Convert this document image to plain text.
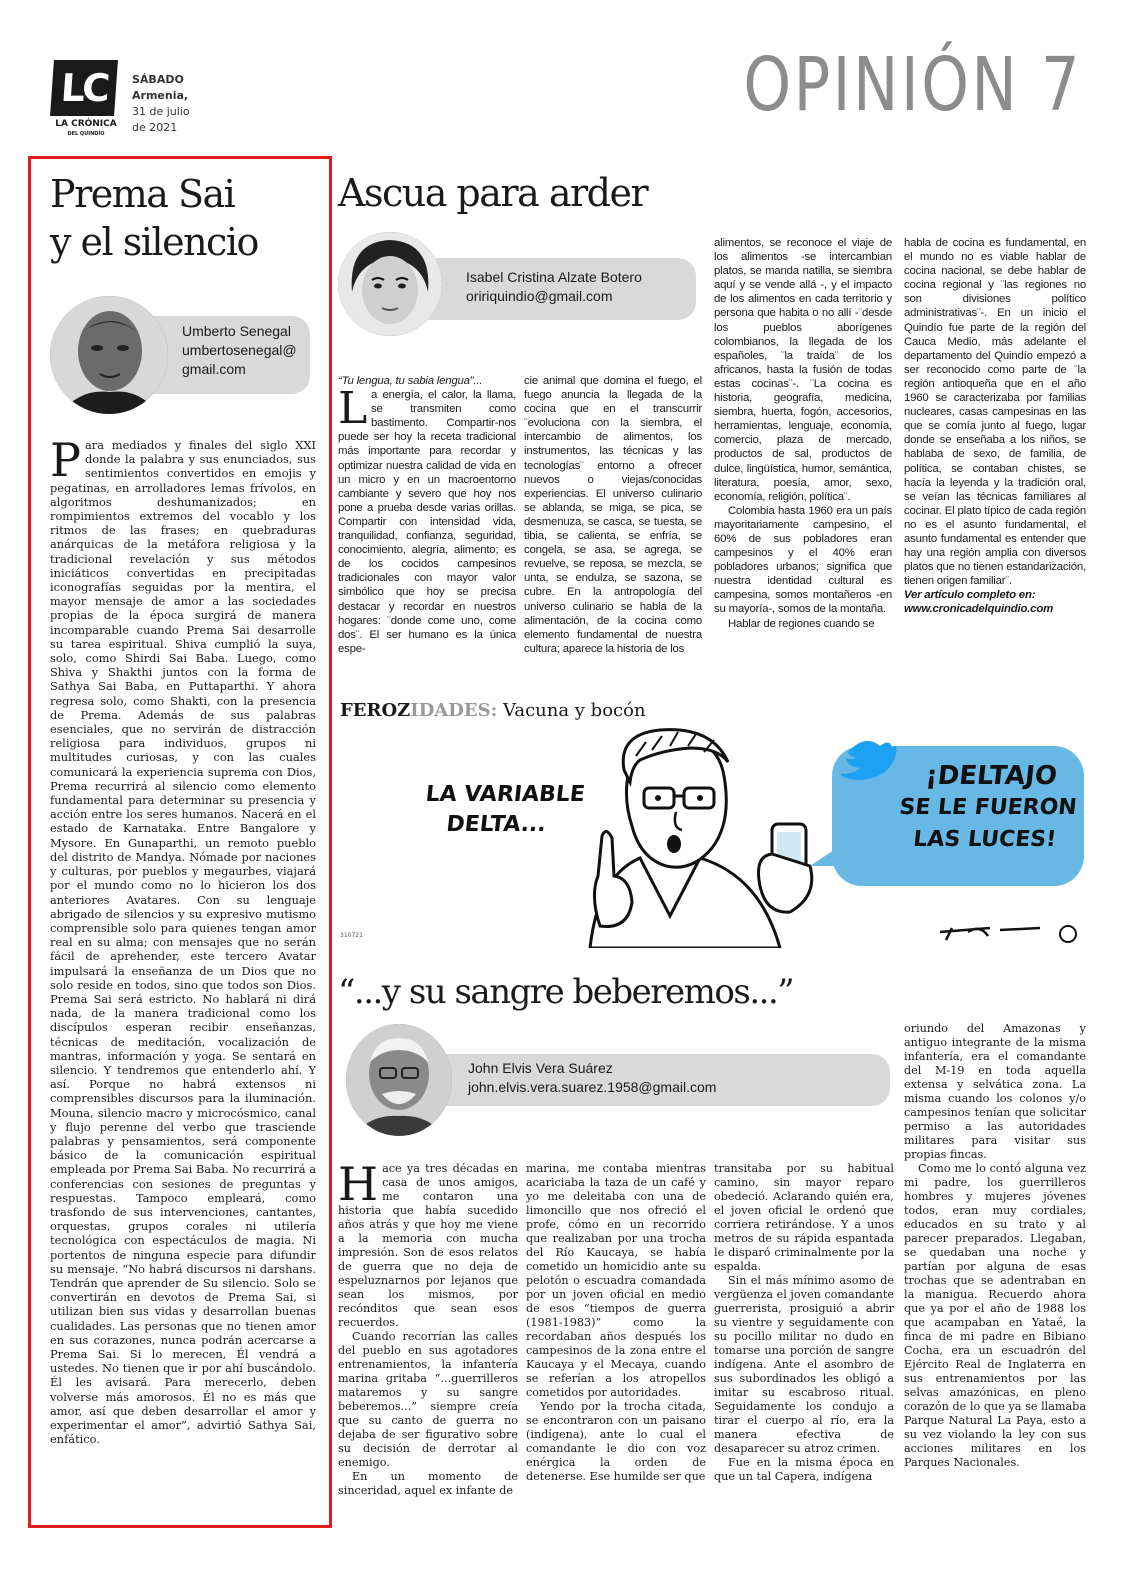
LC
LA CRÓNICA
DEL QUINDÍO
SÁBADO
Armenia,
31 de julio
de 2021	OPINIÓN 7
Prema Sai
y el silencio
Umberto Senegal
umbertosenegal@
gmail.com
Para mediados y finales del siglo XXI donde la palabra y sus enunciados, sus sentimientos convertidos en emojis y pegatinas, en arrolladores lemas frívolos, en algoritmos deshumanizados; en rompimientos extremos del vocablo y los ritmos de las frases; en quebraduras anárquicas de la metáfora religiosa y la tradicional revelación y sus métodos iniciáticos convertidas en precipitadas iconografías seguidas por la mentira, el mayor mensaje de amor a las sociedades propias de la época surgirá de manera incomparable cuando Prema Sai desarrolle su tarea espiritual. Shiva cumplió la suya, solo, como Shirdi Sai Baba. Luego, como Shiva y Shakthi juntos con la forma de Sathya Sai Baba, en Puttaparthi. Y ahora regresa solo, como Shakti, con la presencia de Prema. Además de sus palabras esenciales, que no servirán de distracción religiosa para individuos, grupos ni multitudes curiosas, y con las cuales comunicará la experiencia suprema con Dios, Prema recurrirá al silencio como elemento fundamental para determinar su presencia y acción entre los seres humanos. Nacerá en el estado de Karnataka. Entre Bangalore y Mysore. En Gunaparthi, un remoto pueblo del distrito de Mandya. Nómade por naciones y culturas, por pueblos y megaurbes, viajará por el mundo como no lo hicieron los dos anteriores Avatares. Con su lenguaje abrigado de silencios y su expresivo mutismo comprensible solo para quienes tengan amor real en su alma; con mensajes que no serán fácil de aprehender, este tercero Avatar impulsará la enseñanza de un Dios que no solo reside en todos, sino que todos son Dios. Prema Sai será estricto. No hablará ni dirá nada, de la manera tradicional como los discípulos esperan recibir enseñanzas, técnicas de meditación, vocalización de mantras, información y yoga. Se sentará en silencio. Y tendremos que entenderlo ahí. Y así. Porque no habrá extensos ni comprensibles discursos para la iluminación. Mouna, silencio macro y microcósmico, canal y flujo perenne del verbo que trasciende palabras y pensamientos, será componente básico de la comunicación espiritual empleada por Prema Sai Baba. No recurrirá a conferencias con sesiones de preguntas y respuestas. Tampoco empleará, como trasfondo de sus intervenciones, cantantes, orquestas, grupos corales ni utilería tecnológica con espectáculos de magia. Ni portentos de ninguna especie para difundir su mensaje. “No habrá discursos ni darshans. Tendrán que aprender de Su silencio. Solo se convertirán en devotos de Prema Sai, si utilizan bien sus vidas y desarrollan buenas cualidades. Las personas que no tienen amor en sus corazones, nunca podrán acercarse a Prema Sai. Si lo merecen, Él vendrá a ustedes. No tienen que ir por ahí buscándolo. Él les avisará. Para merecerlo, deben volverse más amorosos. Él no es más que amor, así que deben desarrollar el amor y experimentar el amor”, advirtió Sathya Sai, enfático.
Ascua para arder
Isabel Cristina Alzate Botero
oririquindio@gmail.com
“Tu lengua, tu sabia lengua”...
L a energía, el calor, la llama, se transmiten como bastimento. Compartir-nos puede ser hoy la receta tradicional más importante para recordar y optimizar nuestra calidad de vida en un micro y en un macroentorno cambiante y severo que hoy nos pone a prueba desde varias orillas. Compartir con intensidad vida, tranquilidad, confianza, seguridad, conocimiento, alegría, alimento; es de los cocidos campesinos tradicionales con mayor valor simbólico que hoy se precisa destacar y recordar en nuestros hogares: ¨donde come uno, come dos¨. El ser humano es la única espe-
cie animal que domina el fuego, el fuego anuncia la llegada de la cocina que en el transcurrir ¨evoluciona con la siembra, el intercambio de alimentos, los instrumentos, las técnicas y las tecnologías¨ entorno a ofrecer nuevos o viejas/conocidas experiencias. El universo culinario se ablanda, se miga, se pica, se desmenuza, se casca, se tuesta, se tibia, se calienta, se enfría, se congela, se asa, se agrega, se revuelve, se reposa, se mezcla, se unta, se endulza, se sazona, se cubre. En la antropología del universo culinario se habla de la alimentación, de la cocina como elemento fundamental de nuestra cultura; aparece la historia de los
alimentos, se reconoce el viaje de los alimentos -se intercambian platos, se manda natilla, se siembra aquí y se vende allá -, y el impacto de los alimentos en cada territorio y persona que habita o no allí -¨desde los pueblos aborígenes colombianos, la llegada de los españoles, ¨la traída¨ de los africanos, hasta la fusión de todas estas cocinas¨-. ¨La cocina es historia, geografía, medicina, siembra, huerta, fogón, accesorios, herramientas, lenguaje, economía, comercio, plaza de mercado, productos de sal, productos de dulce, lingüística, humor, semántica, literatura, poesía, amor, sexo, economía, religión, política¨.
Colombia hasta 1960 era un país mayoritariamente campesino, el 60% de sus pobladores eran campesinos y el 40% eran pobladores urbanos; significa que nuestra identidad cultural es campesina, somos montañeros -en su mayoría-, somos de la montaña.
Hablar de regiones cuando se
habla de cocina es fundamental, en el mundo no es viable hablar de cocina nacional, se debe hablar de cocina regional y ¨las regiones no son divisiones político administrativas¨-. En un inicio el Quindío fue parte de la región del Cauca Medio, más adelante el departamento del Quindío empezó a ser reconocido como parte de ¨la región antioqueña que en el año 1960 se caracterizaba por familias nucleares, casas campesinas en las que se comía junto al fuego, lugar donde se enseñaba a los niños, se hablaba de sexo, de familia, de política, se contaban chistes, se hacía la leyenda y la tradición oral, se veían las técnicas familiares al cocinar. El plato típico de cada región no es el asunto fundamental, el asunto fundamental es entender que hay una región amplia con diversos platos que no tienen estandarización, tienen origen familiar¨.
Ver artículo completo en:
www.cronicadelquindio.com
FEROZIDADES: Vacuna y bocón
LA VARIABLE
DELTA...
¡DELTAJO
SE LE FUERON
LAS LUCES!
310721
“...y su sangre beberemos...”
John Elvis Vera Suárez
john.elvis.vera.suarez.1958@gmail.com
Hace ya tres décadas en casa de unos amigos, me contaron una historia que había sucedido años atrás y que hoy me viene a la memoria con mucha impresión. Son de esos relatos de guerra que no deja de espeluznarnos por lejanos que sean los mismos, por recónditos que sean esos recuerdos.
Cuando recorrían las calles del pueblo en sus agotadores entrenamientos, la infantería marina gritaba “...guerrilleros mataremos y su sangre beberemos...” siempre creía que su canto de guerra no dejaba de ser figurativo sobre su decisión de derrotar al enemigo.
En un momento de sinceridad, aquel ex infante de
marina, me contaba mientras acariciaba la taza de un café y yo me deleitaba con una de limoncillo que nos ofreció el profe, cómo en un recorrido que realizaban por una trocha del Río Kaucaya, se había cometido un homicidio ante su pelotón o escuadra comandada por un joven oficial en medio de esos “tiempos de guerra (1981-1983)” como la recordaban años después los campesinos de la zona entre el Kaucaya y el Mecaya, cuando se referían a los atropellos cometidos por autoridades.
Yendo por la trocha citada, se encontraron con un paisano (indígena), ante lo cual el comandante le dio con voz enérgica la orden de detenerse. Ese humilde ser que
transitaba por su habitual camino, sin mayor reparo obedeció. Aclarando quién era, el joven oficial le ordenó que corriera retirándose. Y a unos metros de su rápida espantada le disparó criminalmente por la espalda.
Sin el más mínimo asomo de vergüenza el joven comandante guerrerista, prosiguió a abrir su vientre y seguidamente con su pocillo militar no dudo en tomarse una porción de sangre indígena. Ante el asombro de sus subordinados les obligó a imitar su escabroso ritual. Seguidamente los condujo a tirar el cuerpo al río, era la manera efectiva de desaparecer su atroz crimen.
Fue en la misma época en que un tal Capera, indígena
oriundo del Amazonas y antiguo integrante de la misma infantería, era el comandante del M-19 en toda aquella extensa y selvática zona. La misma cuando los colonos y/o campesinos tenían que solicitar permiso a las autoridades militares para visitar sus propias fincas.
Como me lo contó alguna vez mi padre, los guerrilleros hombres y mujeres jóvenes todos, eran muy cordiales, educados en su trato y al parecer preparados. Llegaban, se quedaban una noche y partían por alguna de esas trochas que se adentraban en la manigua. Recuerdo ahora que ya por el año de 1988 los que acampaban en Yataé, la finca de mi padre en Bibiano Cocha, era un escuadrón del Ejército Real de Inglaterra en sus entrenamientos por las selvas amazónicas, en pleno corazón de lo que ya se llamaba Parque Natural La Paya, esto a su vez violando la ley con sus acciones militares en los Parques Nacionales.
